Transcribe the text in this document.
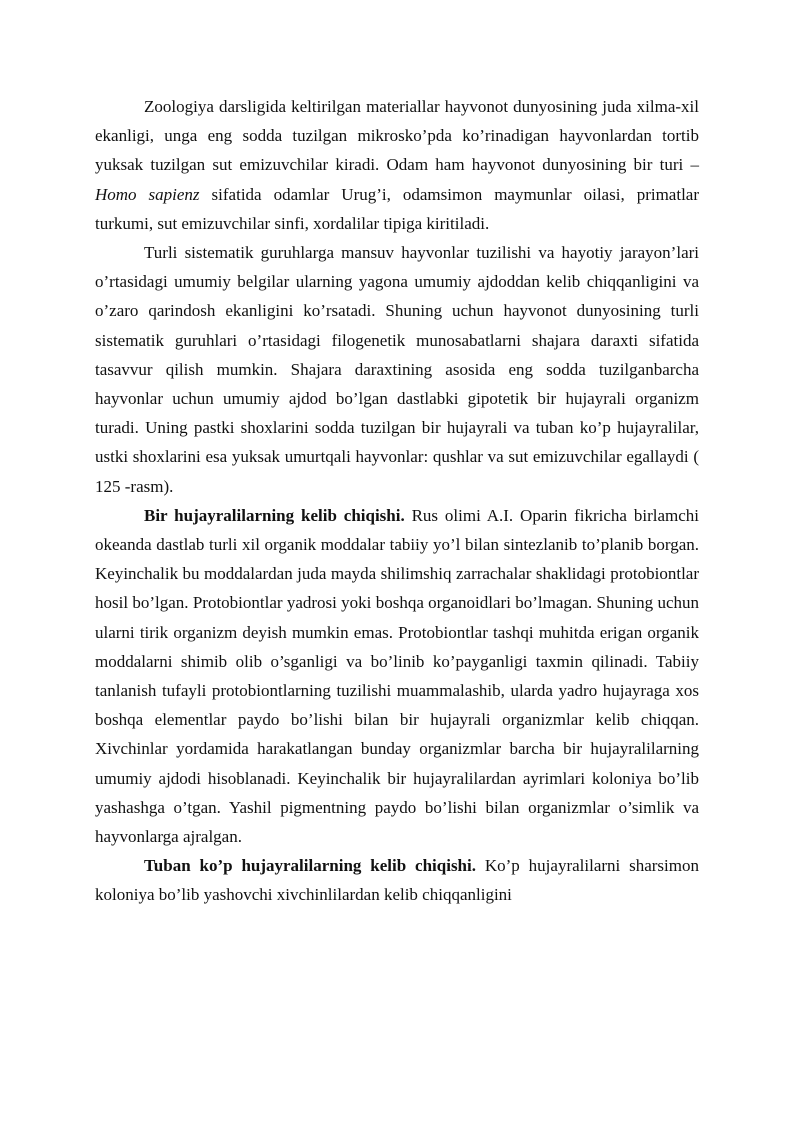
Zoologiya darsligida keltirilgan materiallar hayvonot dunyosining juda xilma-xil ekanligi, unga eng sodda tuzilgan mikrosko’pda ko’rinadigan hayvonlardan tortib yuksak tuzilgan sut emizuvchilar kiradi. Odam ham hayvonot dunyosining bir turi – Homo sapienz sifatida odamlar Urug’i, odamsimon maymunlar oilasi, primatlar turkumi, sut emizuvchilar sinfi, xordalilar tipiga kiritiladi.

Turli sistematik guruhlarga mansuv hayvonlar tuzilishi va hayotiy jarayon’lari o’rtasidagi umumiy belgilar ularning yagona umumiy ajdoddan kelib chiqqanligini va o’zaro qarindosh ekanligini ko’rsatadi. Shuning uchun hayvonot dunyosining turli sistematik guruhlari o’rtasidagi filogenetik munosabatlarni shajara daraxti sifatida tasavvur qilish mumkin. Shajara daraxtining asosida eng sodda tuzilganbarcha hayvonlar uchun umumiy ajdod bo’lgan dastlabki gipotetik bir hujayrali organizm turadi. Uning pastki shoxlarini sodda tuzilgan bir hujayrali va tuban ko’p hujayralilar, ustki shoxlarini esa yuksak umurtqali hayvonlar: qushlar va sut emizuvchilar egallaydi ( 125 -rasm).

Bir hujayralilarning kelib chiqishi. Rus olimi A.I. Oparin fikricha birlamchi okeanda dastlab turli xil organik moddalar tabiiy yo’l bilan sintezlanib to’planib borgan. Keyinchalik bu moddalardan juda mayda shilimshiq zarrachalar shaklidagi protobiontlar hosil bo’lgan. Protobiontlar yadrosi yoki boshqa organoidlari bo’lmagan. Shuning uchun ularni tirik organizm deyish mumkin emas. Protobiontlar tashqi muhitda erigan organik moddalarni shimib olib o’sganligi va bo’linib ko’payganligi taxmin qilinadi. Tabiiy tanlanish tufayli protobiontlarning tuzilishi muammalashib, ularda yadro hujayraga xos boshqa elementlar paydo bo’lishi bilan bir hujayrali organizmlar kelib chiqqan. Xivchinlar yordamida harakatlangan bunday organizmlar barcha bir hujayralilarning umumiy ajdodi hisoblanadi. Keyinchalik bir hujayralilardan ayrimlari koloniya bo’lib yashashga o’tgan. Yashil pigmentning paydo bo’lishi bilan organizmlar o’simlik va hayvonlarga ajralgan.

Tuban ko’p hujayralilarning kelib chiqishi. Ko’p hujayralilarni sharsimon koloniya bo’lib yashovchi xivchinlilardan kelib chiqqanligini
